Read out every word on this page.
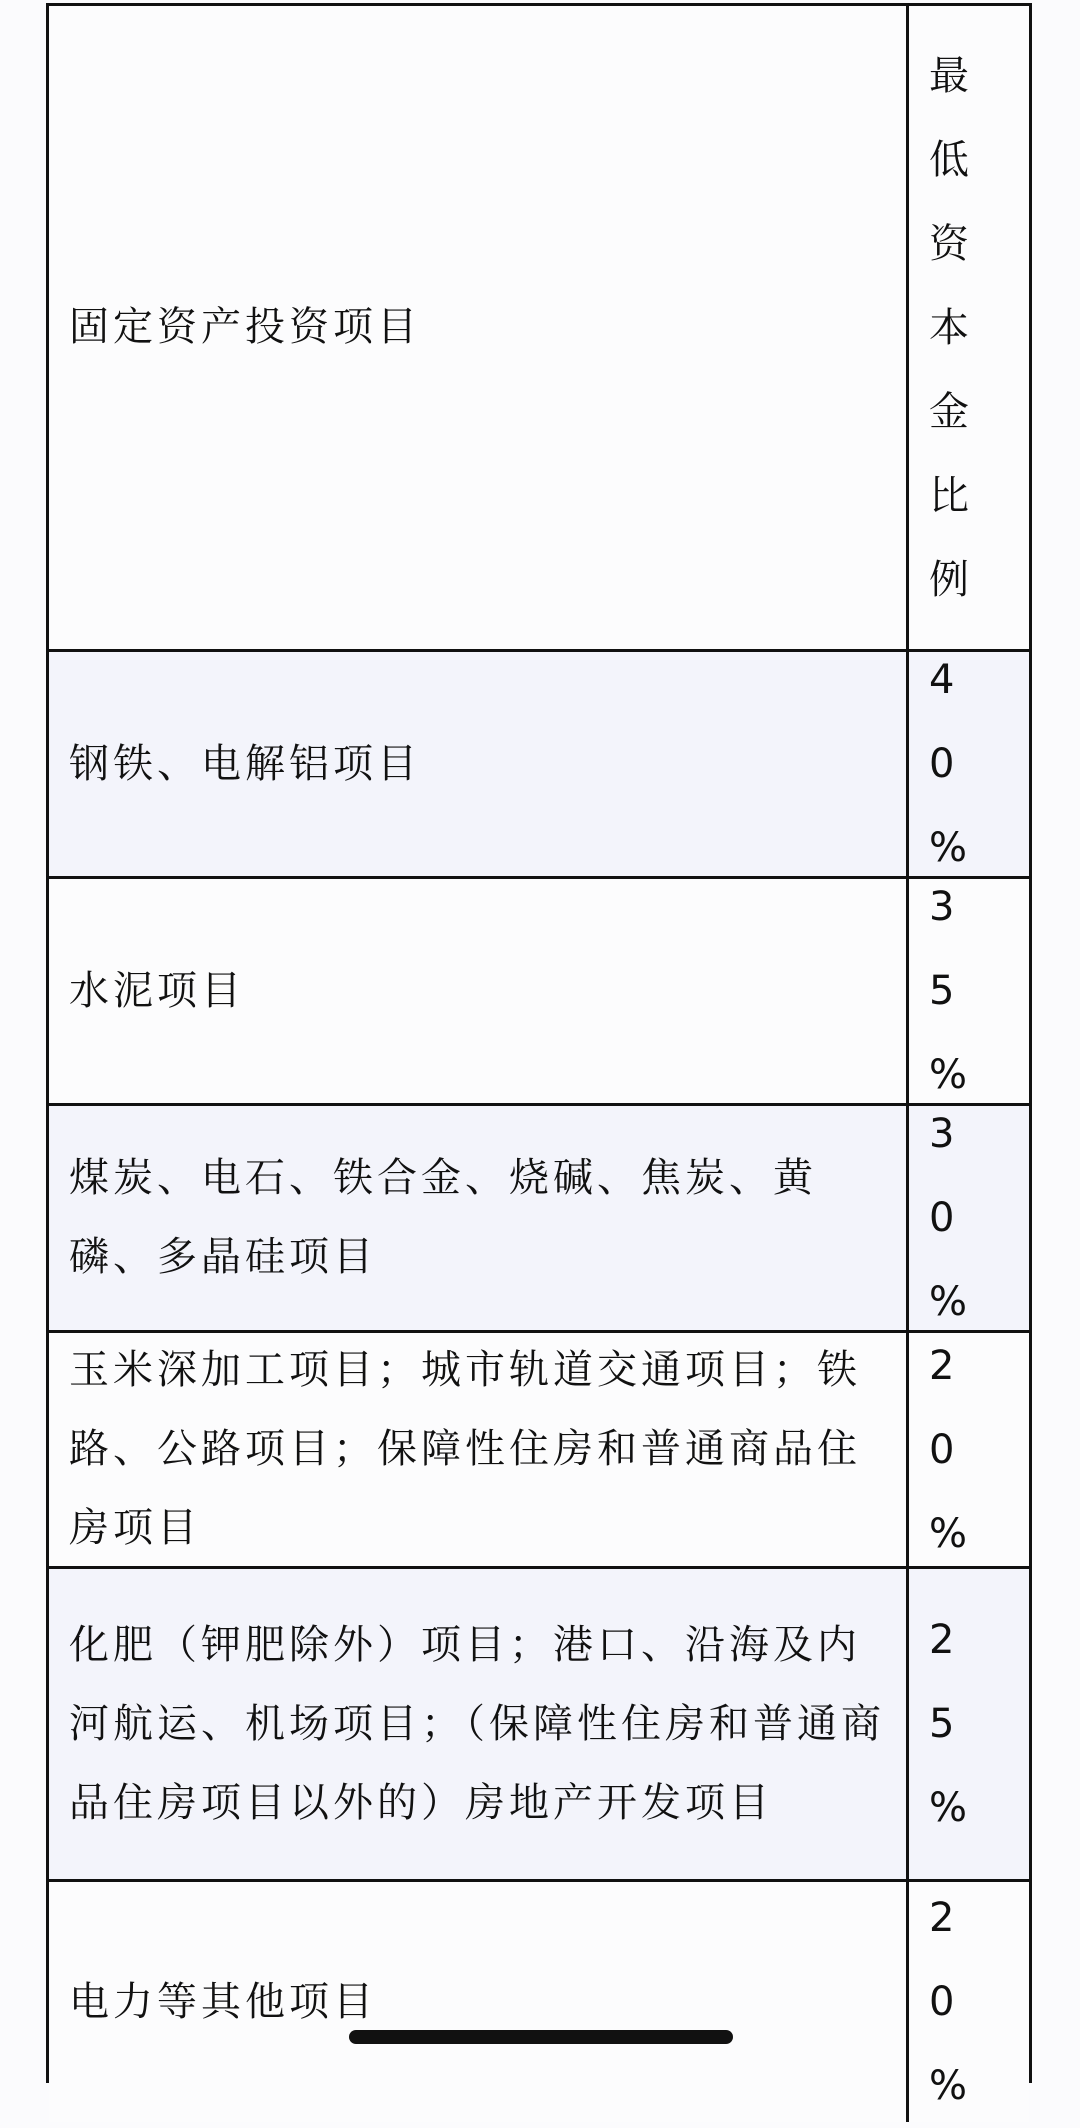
固定资产投资项目
最低资本金比例
钢铁、电解铝项目
40%
水泥项目
35%
煤炭、电石、铁合金、烧碱、焦炭、黄磷、多晶硅项目
30%
玉米深加工项目；城市轨道交通项目；铁路、公路项目；保障性住房和普通商品住房项目
20%
化肥（钾肥除外）项目；港口、沿海及内河航运、机场项目；（保障性住房和普通商品住房项目以外的）房地产开发项目
25%
电力等其他项目
20%
